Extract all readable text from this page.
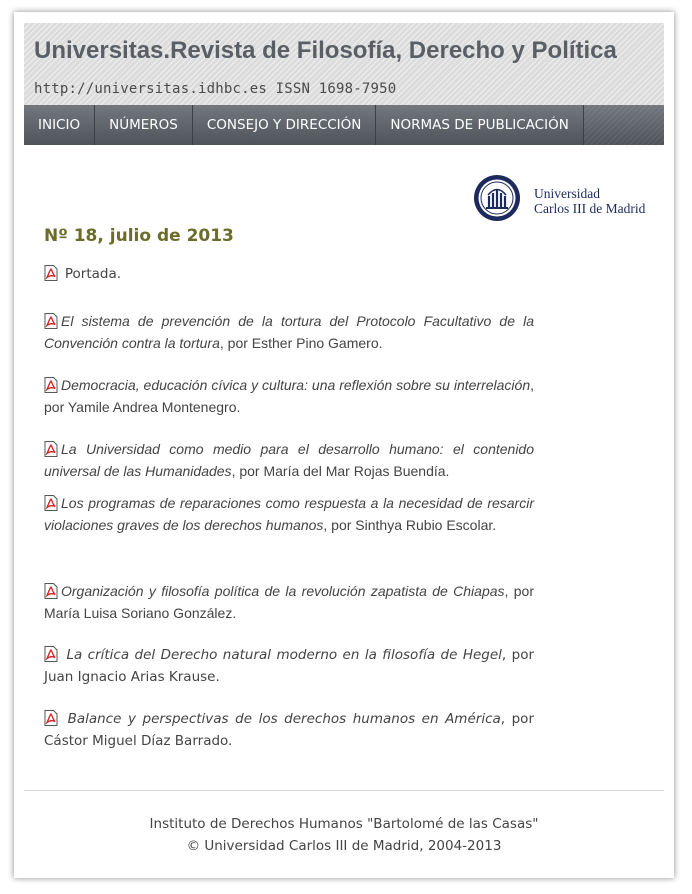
Universitas.Revista de Filosofía, Derecho y Política
http://universitas.idhbc.es ISSN 1698-7950
INICIO	NÚMEROS	CONSEJO Y DIRECCIÓN	NORMAS DE PUBLICACIÓN
Universidad
Carlos III de Madrid
Nº 18, julio de 2013
Portada.
El sistema de prevención de la tortura del Protocolo Facultativo de la Convención contra la tortura, por Esther Pino Gamero.
Democracia, educación cívica y cultura: una reflexión sobre su interrelación, por Yamile Andrea Montenegro.
La Universidad como medio para el desarrollo humano: el contenido universal de las Humanidades, por María del Mar Rojas Buendía.
Los programas de reparaciones como respuesta a la necesidad de resarcir violaciones graves de los derechos humanos, por Sinthya Rubio Escolar.
Organización y filosofía política de la revolución zapatista de Chiapas, por María Luisa Soriano González.
La crítica del Derecho natural moderno en la filosofía de Hegel, por Juan Ignacio Arias Krause.
Balance y perspectivas de los derechos humanos en América, por Cástor Miguel Díaz Barrado.
Instituto de Derechos Humanos "Bartolomé de las Casas"
© Universidad Carlos III de Madrid, 2004-2013
